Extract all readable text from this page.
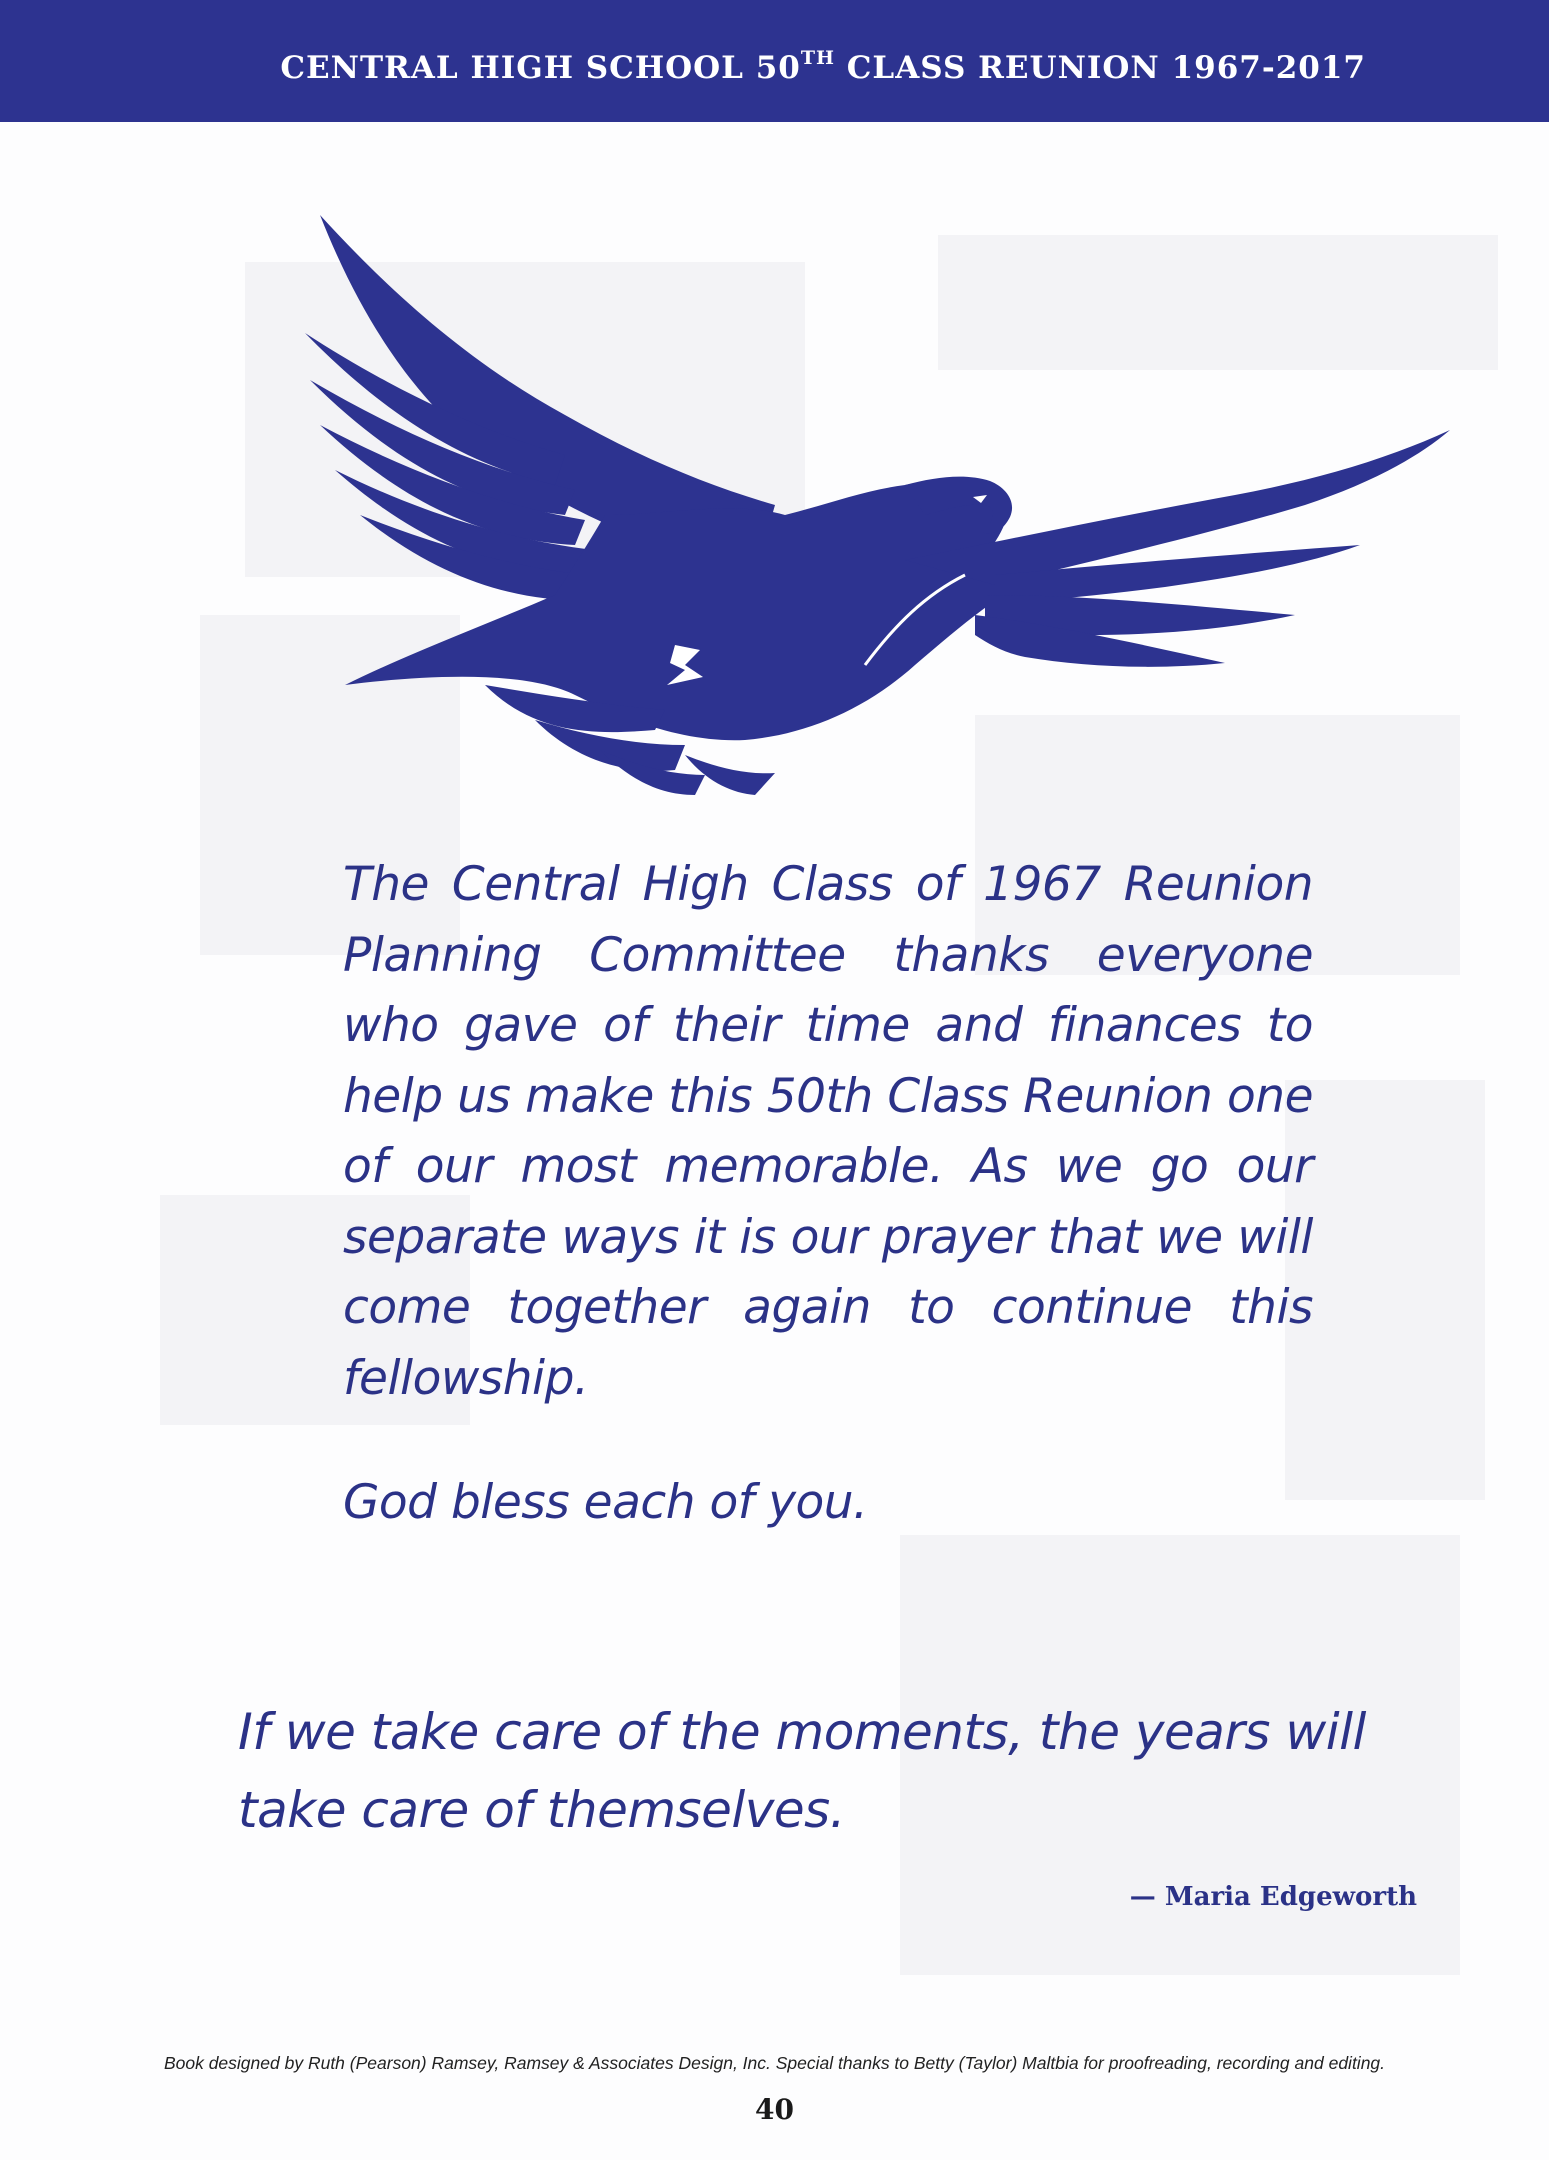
CENTRAL HIGH SCHOOL 50TH CLASS REUNION 1967-2017
The Central High Class of 1967 Reunion Planning Committee thanks everyone who gave of their time and finances to help us make this 50th Class Reunion one of our most memorable. As we go our separate ways it is our prayer that we will come together again to continue this fellowship.
God bless each of you.
If we take care of the moments, the years will take care of themselves.
— Maria Edgeworth
Book designed by Ruth (Pearson) Ramsey, Ramsey & Associates Design, Inc. Special thanks to Betty (Taylor) Maltbia for proofreading, recording and editing.
40
